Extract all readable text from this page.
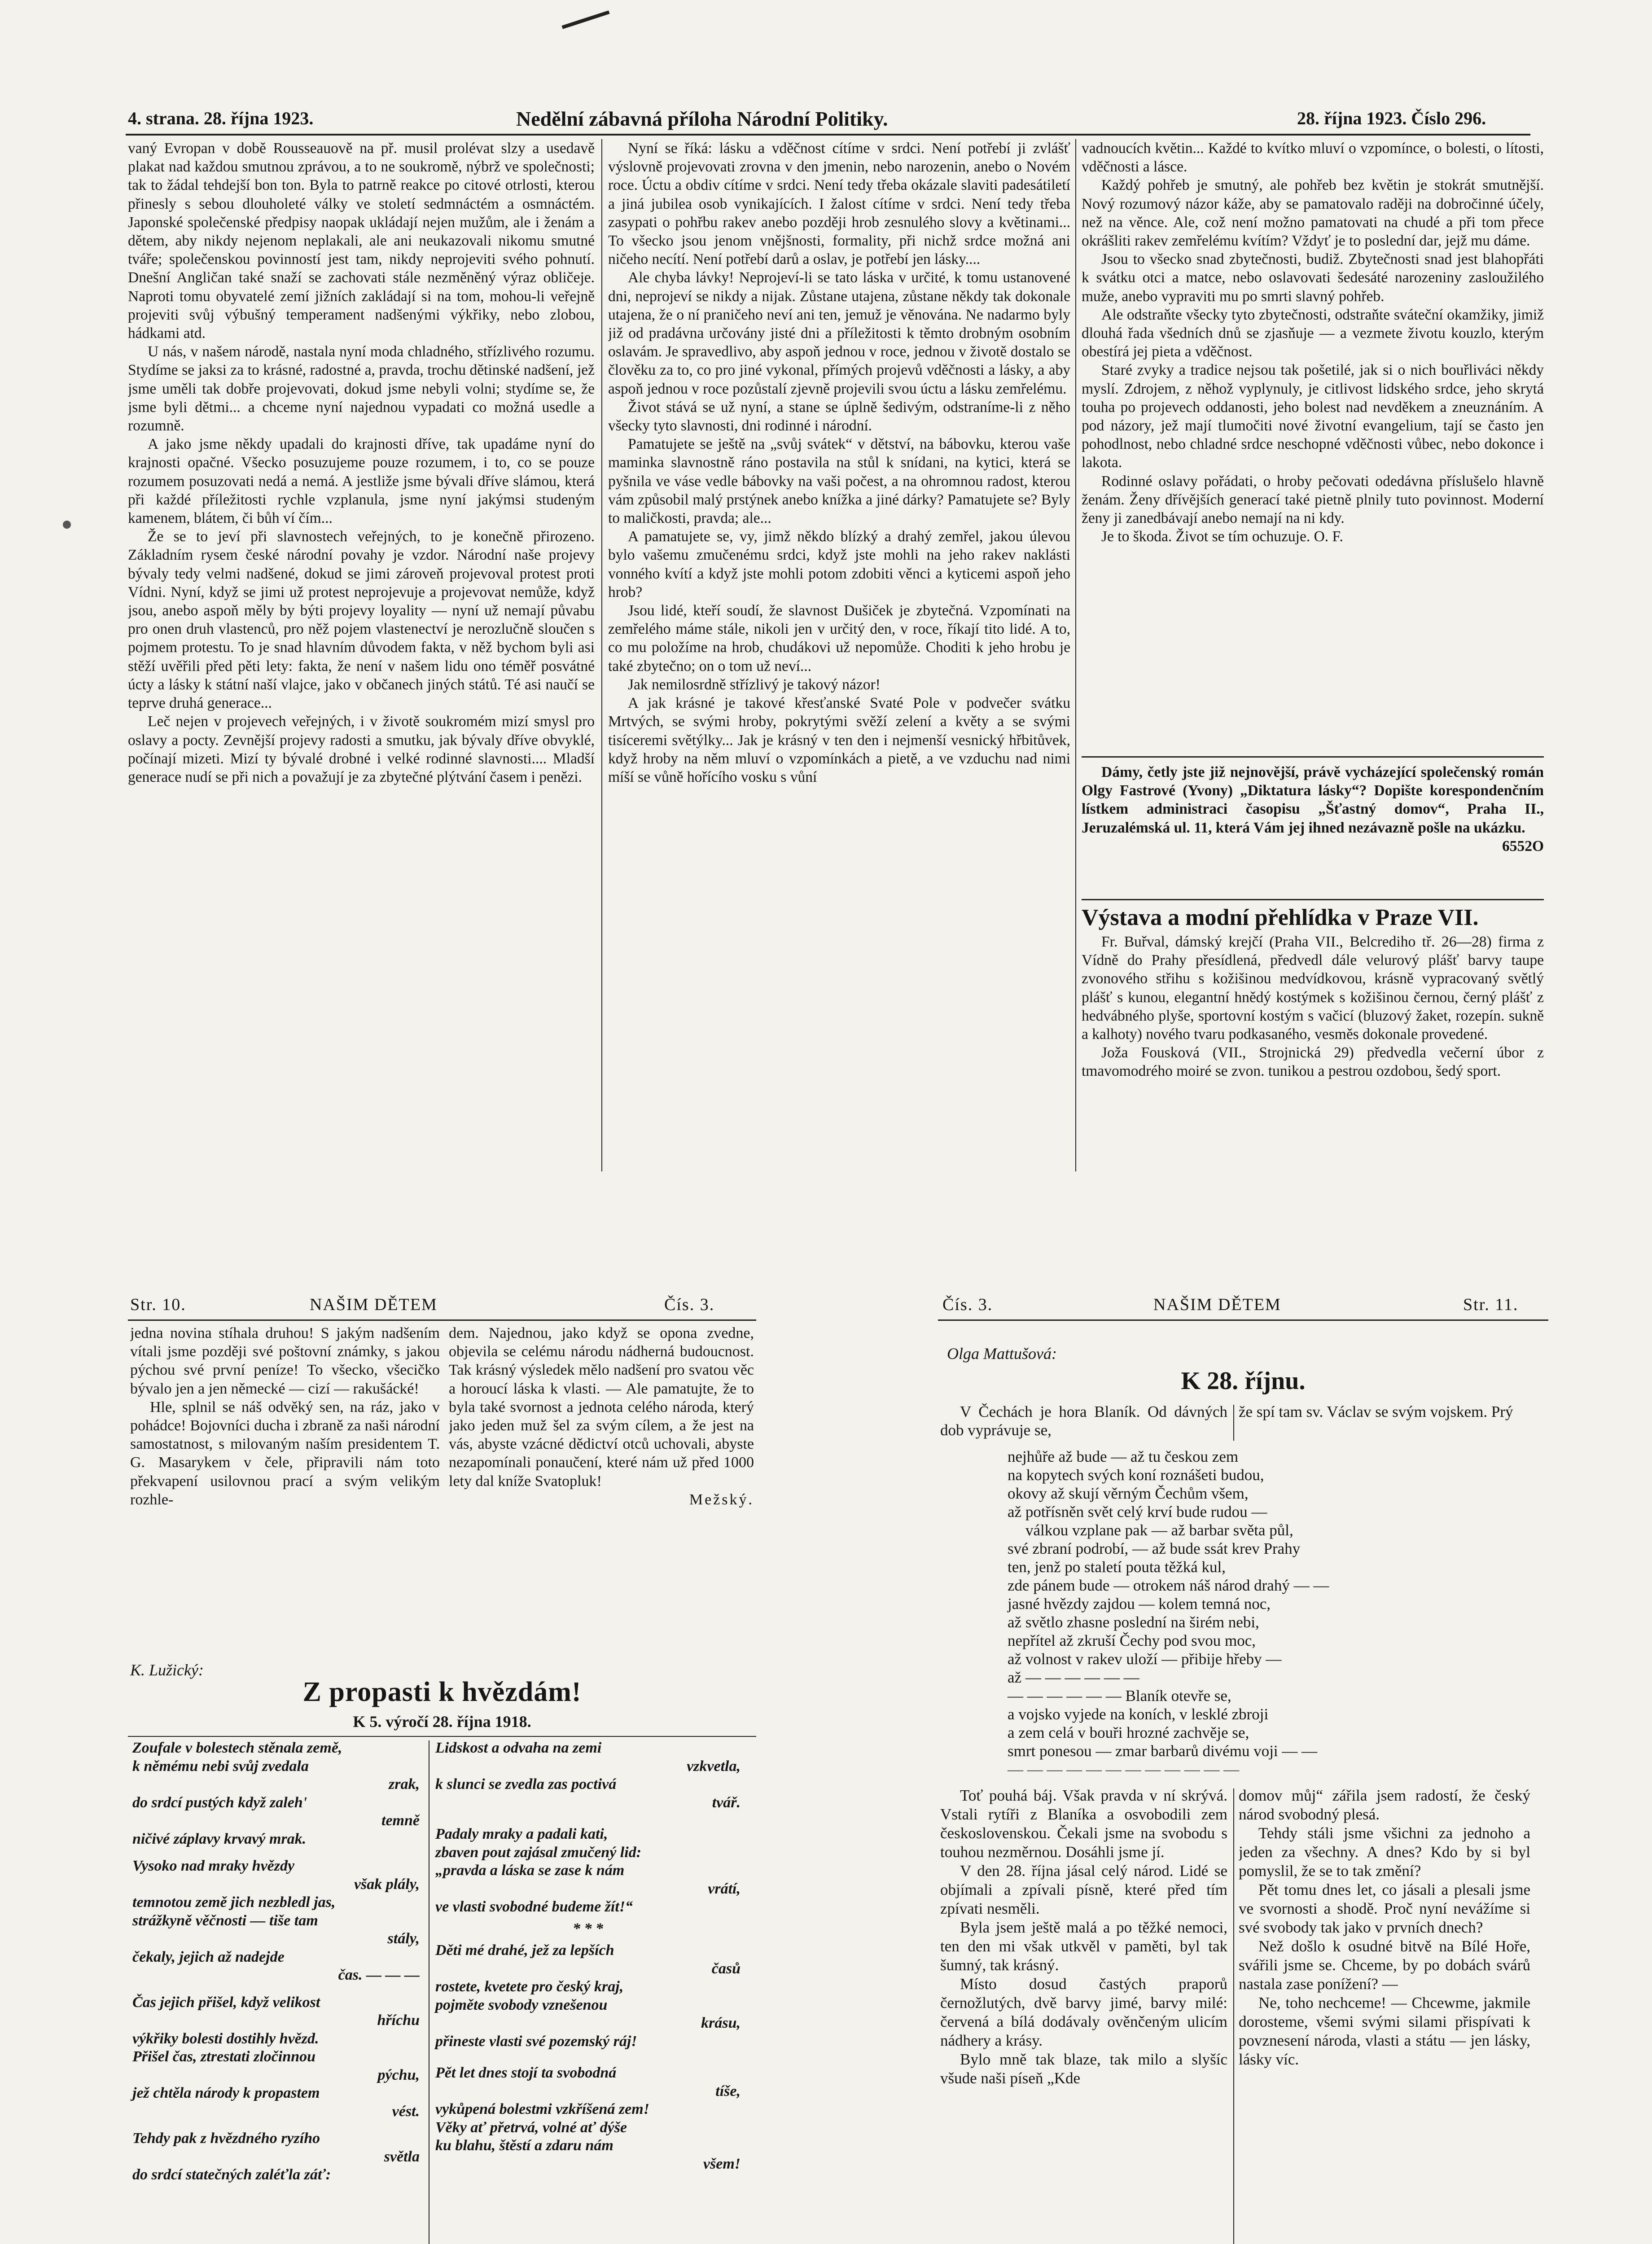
4. strana. 28. října 1923.	Nedělní zábavná příloha Národní Politiky.	28. října 1923. Číslo 296.

vaný Evropan v době Rousseauově na př. musil prolévat slzy a usedavě plakat nad každou smutnou zprávou, a to ne soukromě, nýbrž ve společnosti; tak to žádal tehdejší bon ton. Byla to patrně reakce po citové otrlosti, kterou přinesly s sebou dlouholeté války ve století sedmnáctém a osmnáctém. Japonské společenské předpisy naopak ukládají nejen mužům, ale i ženám a dětem, aby nikdy nejenom neplakali, ale ani neukazovali nikomu smutné tváře; společenskou povinností jest tam, nikdy neprojeviti svého pohnutí. Dnešní Angličan také snaží se zachovati stále nezměněný výraz obličeje. Naproti tomu obyvatelé zemí jižních zakládají si na tom, mohou-li veřejně projeviti svůj výbušný temperament nadšenými výkřiky, nebo zlobou, hádkami atd.

U nás, v našem národě, nastala nyní moda chladného, střízlivého rozumu. Stydíme se jaksi za to krásné, radostné a, pravda, trochu dětinské nadšení, jež jsme uměli tak dobře projevovati, dokud jsme nebyli volni; stydíme se, že jsme byli dětmi... a chceme nyní najednou vypadati co možná usedle a rozumně.

A jako jsme někdy upadali do krajnosti dříve, tak upadáme nyní do krajnosti opačné. Všecko posuzujeme pouze rozumem, i to, co se pouze rozumem posuzovati nedá a nemá. A jestliže jsme bývali dříve slámou, která při každé příležitosti rychle vzplanula, jsme nyní jakýmsi studeným kamenem, blátem, či bůh ví čím...

Že se to jeví při slavnostech veřejných, to je konečně přirozeno. Základním rysem české národní povahy je vzdor. Národní naše projevy bývaly tedy velmi nadšené, dokud se jimi zároveň projevoval protest proti Vídni. Nyní, když se jimi už protest neprojevuje a projevovat nemůže, když jsou, anebo aspoň měly by býti projevy loyality — nyní už nemají půvabu pro onen druh vlastenců, pro něž pojem vlastenectví je nerozlučně sloučen s pojmem protestu. To je snad hlavním důvodem fakta, v něž bychom byli asi stěží uvěřili před pěti lety: fakta, že není v našem lidu ono téměř posvátné úcty a lásky k státní naší vlajce, jako v občanech jiných států. Té asi naučí se teprve druhá generace...

Leč nejen v projevech veřejných, i v životě soukromém mizí smysl pro oslavy a pocty. Zevnější projevy radosti a smutku, jak bývaly dříve obvyklé, počínají mizeti. Mizí ty bývalé drobné i velké rodinné slavnosti.... Mladší generace nudí se při nich a považují je za zbytečné plýtvání časem i penězi.

Nyní se říká: lásku a vděčnost cítíme v srdci. Není potřebí ji zvlášť výslovně projevovati zrovna v den jmenin, nebo narozenin, anebo o Novém roce. Úctu a obdiv cítíme v srdci. Není tedy třeba okázale slaviti padesátiletí a jiná jubilea osob vynikajících. I žalost cítíme v srdci. Není tedy třeba zasypati o pohřbu rakev anebo později hrob zesnulého slovy a květinami... To všecko jsou jenom vnějšnosti, formality, při nichž srdce možná ani ničeho necítí. Není potřebí darů a oslav, je potřebí jen lásky....

Ale chyba lávky! Neprojeví-li se tato láska v určité, k tomu ustanovené dni, neprojeví se nikdy a nijak. Zůstane utajena, zůstane někdy tak dokonale utajena, že o ní praničeho neví ani ten, jemuž je věnována. Ne nadarmo byly již od pradávna určovány jisté dni a příležitosti k těmto drobným osobním oslavám. Je spravedlivo, aby aspoň jednou v roce, jednou v životě dostalo se člověku za to, co pro jiné vykonal, přímých projevů vděčnosti a lásky, a aby aspoň jednou v roce pozůstalí zjevně projevili svou úctu a lásku zemřelému.

Život stává se už nyní, a stane se úplně šedivým, odstraníme-li z něho všecky tyto slavnosti, dni rodinné i národní.

Pamatujete se ještě na „svůj svátek“ v dětství, na bábovku, kterou vaše maminka slavnostně ráno postavila na stůl k snídani, na kytici, která se pyšnila ve váse vedle bábovky na vaši počest, a na ohromnou radost, kterou vám způsobil malý prstýnek anebo knížka a jiné dárky? Pamatujete se? Byly to maličkosti, pravda; ale...

A pamatujete se, vy, jimž někdo blízký a drahý zemřel, jakou úlevou bylo vašemu zmučenému srdci, když jste mohli na jeho rakev naklásti vonného kvítí a když jste mohli potom zdobiti věnci a kyticemi aspoň jeho hrob?

Jsou lidé, kteří soudí, že slavnost Dušiček je zbytečná. Vzpomínati na zemřelého máme stále, nikoli jen v určitý den, v roce, říkají tito lidé. A to, co mu položíme na hrob, chudákovi už nepomůže. Choditi k jeho hrobu je také zbytečno; on o tom už neví...

Jak nemilosrdně střízlivý je takový názor!

A jak krásné je takové křesťanské Svaté Pole v podvečer svátku Mrtvých, se svými hroby, pokrytými svěží zelení a květy a se svými tisíceremi světýlky... Jak je krásný v ten den i nejmenší vesnický hřbitůvek, když hroby na něm mluví o vzpomínkách a pietě, a ve vzduchu nad nimi míší se vůně hořícího vosku s vůní

vadnoucích květin... Každé to kvítko mluví o vzpomínce, o bolesti, o lítosti, vděčnosti a lásce.

Každý pohřeb je smutný, ale pohřeb bez květin je stokrát smutnější. Nový rozumový názor káže, aby se pamatovalo raději na dobročinné účely, než na věnce. Ale, což není možno pamatovati na chudé a při tom přece okrášliti rakev zemřelému kvítím? Vždyť je to poslední dar, jejž mu dáme.

Jsou to všecko snad zbytečnosti, budiž. Zbytečnosti snad jest blahopřáti k svátku otci a matce, nebo oslavovati šedesáté narozeniny zasloužilého muže, anebo vypraviti mu po smrti slavný pohřeb.

Ale odstraňte všecky tyto zbytečnosti, odstraňte sváteční okamžiky, jimiž dlouhá řada všedních dnů se zjasňuje — a vezmete životu kouzlo, kterým obestírá jej pieta a vděčnost.

Staré zvyky a tradice nejsou tak pošetilé, jak si o nich bouřliváci někdy myslí. Zdrojem, z něhož vyplynuly, je citlivost lidského srdce, jeho skrytá touha po projevech oddanosti, jeho bolest nad nevděkem a zneuznáním. A pod názory, jež mají tlumočiti nové životní evangelium, tají se často jen pohodlnost, nebo chladné srdce neschopné vděčnosti vůbec, nebo dokonce i lakota.

Rodinné oslavy pořádati, o hroby pečovati odedávna příslušelo hlavně ženám. Ženy dřívějších generací také pietně plnily tuto povinnost. Moderní ženy ji zanedbávají anebo nemají na ni kdy.

Je to škoda. Život se tím ochuzuje. O. F.

Dámy, četly jste již nejnovější, právě vycházející společenský román Olgy Fastrové (Yvony) „Diktatura lásky“? Dopište korespondenčním lístkem administraci časopisu „Šťastný domov“, Praha II., Jeruzalémská ul. 11, která Vám jej ihned nezávazně pošle na ukázku.

6552O
Výstava a modní přehlídka v Praze VII.

Fr. Buřval, dámský krejčí (Praha VII., Belcrediho tř. 26—28) firma z Vídně do Prahy přesídlená, předvedl dále velurový plášť barvy taupe zvonového střihu s kožišinou medvídkovou, krásně vypracovaný světlý plášť s kunou, elegantní hnědý kostýmek s kožišinou černou, černý plášť z hedvábného plyše, sportovní kostým s vačicí (bluzový žaket, rozepín. sukně a kalhoty) nového tvaru podkasaného, vesměs dokonale provedené.

Joža Fousková (VII., Strojnická 29) předvedla večerní úbor z tmavomodrého moiré se zvon. tunikou a pestrou ozdobou, šedý sport.

Str. 10.	NAŠIM DĚTEM	Čís. 3.

jedna novina stíhala druhou! S jakým nadšením vítali jsme později své poštovní známky, s jakou pýchou své první peníze! To všecko, všecičko bývalo jen a jen německé — cizí — rakušácké!

Hle, splnil se náš odvěký sen, na ráz, jako v pohádce! Bojovníci ducha i zbraně za naši národní samostatnost, s milovaným naším presidentem T. G. Masarykem v čele, připravili nám toto překvapení usilovnou prací a svým velikým rozhle-

dem. Najednou, jako když se opona zvedne, objevila se celému národu nádherná budoucnost. Tak krásný výsledek mělo nadšení pro svatou věc a horoucí láska k vlasti. — Ale pamatujte, že to byla také svornost a jednota celého národa, který jako jeden muž šel za svým cílem, a že jest na vás, abyste vzácné dědictví otců uchovali, abyste nezapomínali ponaučení, které nám už před 1000 lety dal kníže Svatopluk!

Mežský.
K. Lužický:
Z propasti k hvězdám!
K 5. výročí 28. října 1918.
Zoufale v bolestech stěnala země,
k němému nebi svůj zvedala
zrak,
do srdcí pustých když zaleh'
temně
ničivé záplavy krvavý mrak.
Vysoko nad mraky hvězdy
však plály,
temnotou země jich nezbledl jas,
strážkyně věčnosti — tiše tam
stály,
čekaly, jejich až nadejde
čas. — — —
Čas jejich přišel, když velikost
hříchu
výkřiky bolesti dostihly hvězd.
Přišel čas, ztrestati zločinnou
pýchu,
jež chtěla národy k propastem
vést.
Tehdy pak z hvězdného ryzího
světla
do srdcí statečných zaléťla záť:
Lidskost a odvaha na zemi
vzkvetla,
k slunci se zvedla zas poctivá
tvář.
Padaly mraky a padali kati,
zbaven pout zajásal zmučený lid:
„pravda a láska se zase k nám
vrátí,
ve vlasti svobodné budeme žít!“
* * *
Děti mé drahé, jež za lepších
časů
rostete, kvetete pro český kraj,
pojměte svobody vznešenou
krásu,
přineste vlasti své pozemský ráj!
Pět let dnes stojí ta svobodná
tíše,
vykůpená bolestmi vzkříšená zem!
Věky ať přetrvá, volné ať dýše
ku blahu, štěstí a zdaru nám
všem!
Čís. 3.	NAŠIM DĚTEM	Str. 11.
Olga Mattušová:
K 28. říjnu.

V Čechách je hora Blaník. Od dávných dob vyprávuje se,

že spí tam sv. Václav se svým vojskem. Prý

nejhůře až bude — až tu českou zem
na kopytech svých koní roznášeti budou,
okovy až skují věrným Čechům všem,
až potřísněn svět celý krví bude rudou —
válkou vzplane pak — až barbar světa půl,
své zbraní podrobí, — až bude ssát krev Prahy
ten, jenž po staletí pouta těžká kul,
zde pánem bude — otrokem náš národ drahý — —
jasné hvězdy zajdou — kolem temná noc,
až světlo zhasne poslední na širém nebi,
nepřítel až zkruší Čechy pod svou moc,
až volnost v rakev uloží — přibije hřeby —
až — — — — — —
— — — — — — Blaník otevře se,
a vojsko vyjede na koních, v lesklé zbroji
a zem celá v bouři hrozné zachvěje se,
smrt ponesou — zmar barbarů divému voji — —
— — — — — — — — — — — —

Toť pouhá báj. Však pravda v ní skrývá. Vstali rytíři z Blaníka a osvobodili zem československou. Čekali jsme na svobodu s touhou nezměrnou. Dosáhli jsme jí.

V den 28. října jásal celý národ. Lidé se objímali a zpívali písně, které před tím zpívati nesměli.

Byla jsem ještě malá a po těžké nemoci, ten den mi však utkvěl v paměti, byl tak šumný, tak krásný.

Místo dosud častých praporů černožlutých, dvě barvy jimé, barvy milé: červená a bílá dodávaly ověnčeným ulicím nádhery a krásy.

Bylo mně tak blaze, tak milo a slyšíc všude naši píseň „Kde

domov můj“ zářila jsem radostí, že český národ svobodný plesá.

Tehdy stáli jsme všichni za jednoho a jeden za všechny. A dnes? Kdo by si byl pomyslil, že se to tak změní?

Pět tomu dnes let, co jásali a plesali jsme ve svornosti a shodě. Proč nyní nevážíme si své svobody tak jako v prvních dnech?

Než došlo k osudné bitvě na Bílé Hoře, svářili jsme se. Chceme, by po dobách svárů nastala zase ponížení? —

Ne, toho nechceme! — Chcewme, jakmile dorosteme, všemi svými silami přispívati k povznesení národa, vlasti a státu — jen lásky, lásky víc.
